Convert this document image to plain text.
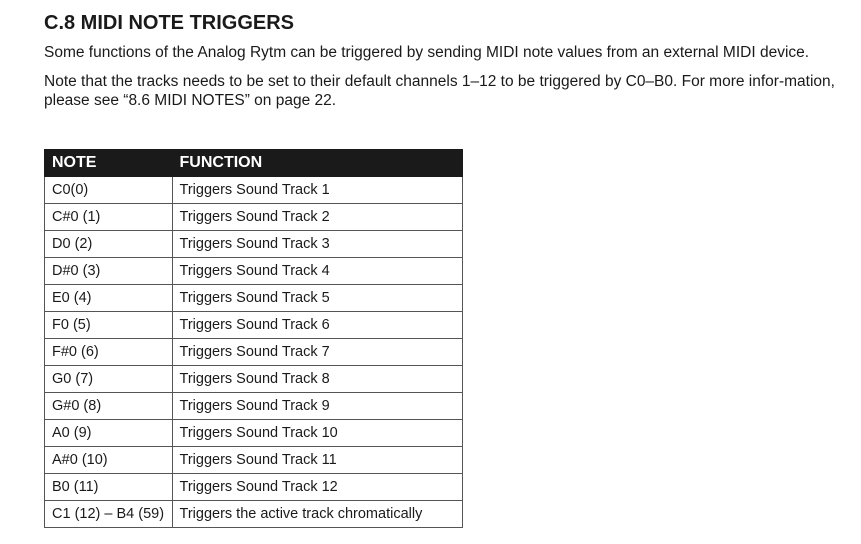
C.8 MIDI NOTE TRIGGERS

Some functions of the Analog Rytm can be triggered by sending MIDI note values from an external MIDI device.

Note that the tracks needs to be set to their default channels 1–12 to be triggered by C0–B0. For more infor-mation, please see “8.6 MIDI NOTES” on page 22.

NOTE	FUNCTION
C0(0)	Triggers Sound Track 1
C#0 (1)	Triggers Sound Track 2
D0 (2)	Triggers Sound Track 3
D#0 (3)	Triggers Sound Track 4
E0 (4)	Triggers Sound Track 5
F0 (5)	Triggers Sound Track 6
F#0 (6)	Triggers Sound Track 7
G0 (7)	Triggers Sound Track 8
G#0 (8)	Triggers Sound Track 9
A0 (9)	Triggers Sound Track 10
A#0 (10)	Triggers Sound Track 11
B0 (11)	Triggers Sound Track 12
C1 (12) – B4 (59)	Triggers the active track chromatically
